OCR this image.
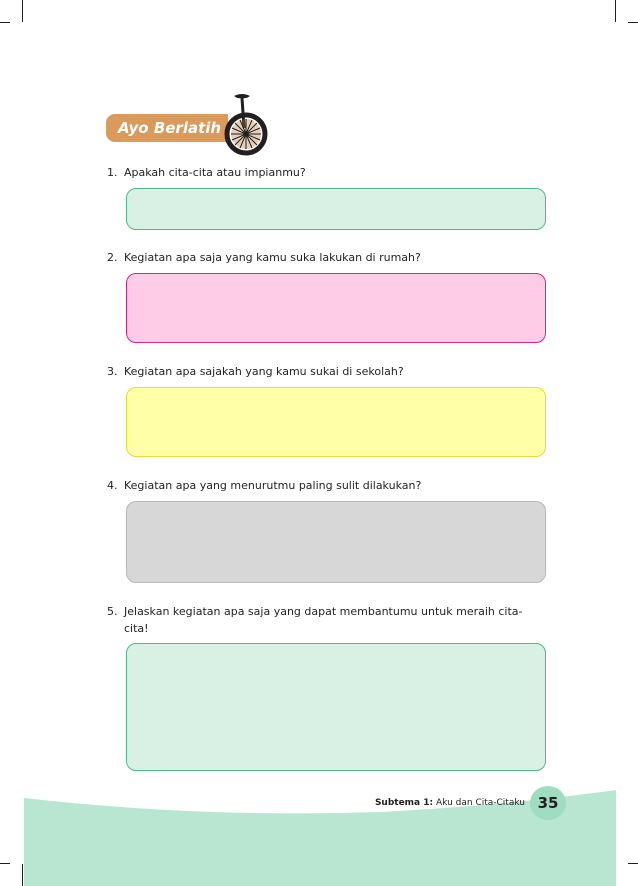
Ayo Berlatih
1. Apakah cita-cita atau impianmu?
2. Kegiatan apa saja yang kamu suka lakukan di rumah?
3. Kegiatan apa sajakah yang kamu sukai di sekolah?
4. Kegiatan apa yang menurutmu paling sulit dilakukan?
5. Jelaskan kegiatan apa saja yang dapat membantumu untuk meraih cita-cita!
Subtema 1: Aku dan Cita-Citaku 35
